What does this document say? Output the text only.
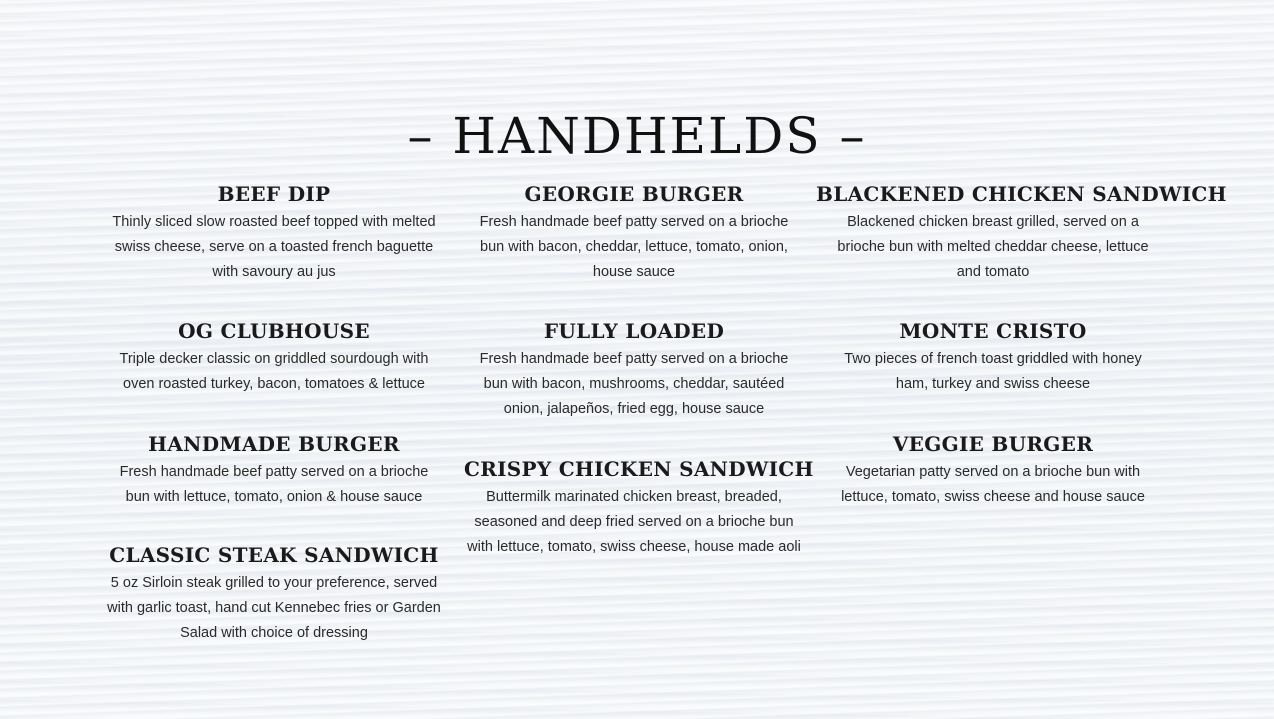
– HANDHELDS –
BEEF DIP

Thinly sliced slow roasted beef topped with melted swiss cheese, serve on a toasted french baguette with savoury au jus

OG CLUBHOUSE

Triple decker classic on griddled sourdough with oven roasted turkey, bacon, tomatoes & lettuce

HANDMADE BURGER

Fresh handmade beef patty served on a brioche bun with lettuce, tomato, onion & house sauce

CLASSIC STEAK SANDWICH

5 oz Sirloin steak grilled to your preference, served with garlic toast, hand cut Kennebec fries or Garden Salad with choice of dressing

GEORGIE BURGER

Fresh handmade beef patty served on a brioche bun with bacon, cheddar, lettuce, tomato, onion, house sauce

FULLY LOADED

Fresh handmade beef patty served on a brioche bun with bacon, mushrooms, cheddar, sautéed onion, jalapeños, fried egg, house sauce

CRISPY CHICKEN SANDWICH

Buttermilk marinated chicken breast, breaded, seasoned and deep fried served on a brioche bun with lettuce, tomato, swiss cheese, house made aoli

BLACKENED CHICKEN SANDWICH

Blackened chicken breast grilled, served on a brioche bun with melted cheddar cheese, lettuce and tomato

MONTE CRISTO

Two pieces of french toast griddled with honey ham, turkey and swiss cheese

VEGGIE BURGER

Vegetarian patty served on a brioche bun with lettuce, tomato, swiss cheese and house sauce
